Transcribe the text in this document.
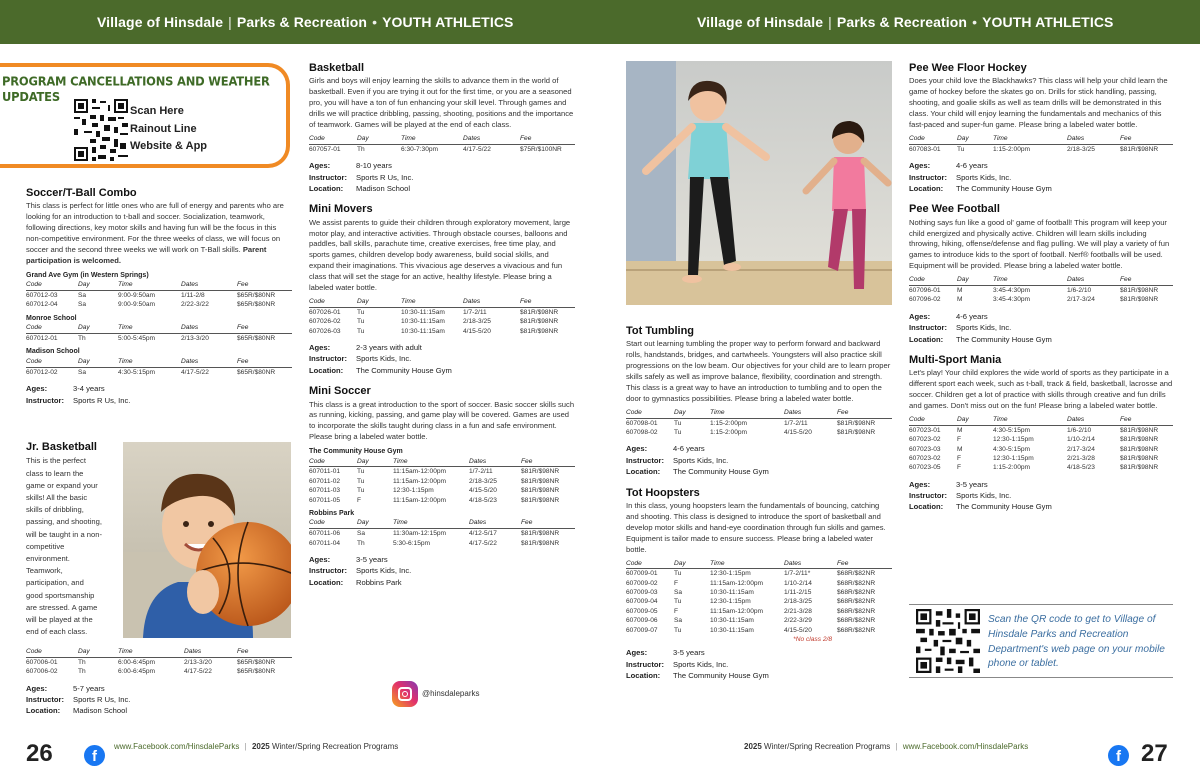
Village of Hinsdale | Parks & Recreation • YOUTH ATHLETICS	Village of Hinsdale | Parks & Recreation • YOUTH ATHLETICS
PROGRAM CANCELLATIONS AND WEATHER UPDATES
Scan Here
Rainout Line
Website & App
Soccer/T-Ball Combo

This class is perfect for little ones who are full of energy and parents who are looking for an introduction to t-ball and soccer. Socialization, teamwork, following directions, key motor skills and having fun will be the focus in this non-competitive environment. For the three weeks of class, we will focus on soccer and the second three weeks we will work on T-Ball skills. Parent participation is welcomed.

Grand Ave Gym (in Western Springs)
Code	Day	Time	Dates	Fee
607012-03	Sa	9:00-9:50am	1/11-2/8	$65R/$80NR
607012-04	Sa	9:00-9:50am	2/22-3/22	$65R/$80NR
Monroe School
Code	Day	Time	Dates	Fee
607012-01	Th	5:00-5:45pm	2/13-3/20	$65R/$80NR
Madison School
Code	Day	Time	Dates	Fee
607012-02	Sa	4:30-5:15pm	4/17-5/22	$65R/$80NR
Ages:	3-4 years
Instructor: Sports R Us, Inc.
Jr. Basketball

This is the perfect class to learn the game or expand your skills! All the basic skills of dribbling, passing, and shooting, will be taught in a non-competitive environment. Teamwork, participation, and good sportsmanship are stressed. A game will be played at the end of each class.

Code	Day	Time	Dates	Fee
607006-01	Th	6:00-6:45pm	2/13-3/20	$65R/$80NR
607006-02	Th	6:00-6:45pm	4/17-5/22	$65R/$80NR
Ages:	5-7 years
Instructor: Sports R Us, Inc.
Location: Madison School
Basketball

Girls and boys will enjoy learning the skills to advance them in the world of basketball. Even if you are trying it out for the first time, or you are a seasoned pro, you will have a ton of fun enhancing your skill level. Through games and drills we will practice dribbling, passing, shooting, positions and the importance of teamwork. Games will be played at the end of each class.

Code	Day	Time	Dates	Fee
607057-01	Th	6:30-7:30pm	4/17-5/22	$75R/$100NR
Ages:	8-10 years
Instructor: Sports R Us, Inc.
Location: Madison School
Mini Movers

We assist parents to guide their children through exploratory movement, large motor play, and interactive activities. Through obstacle courses, balloons and paddles, ball skills, parachute time, creative exercises, free time play, and sports games, children develop body awareness, build social skills, and expand their imaginations. This vivacious age deserves a vivacious and fun class that will set the stage for an active, healthy lifestyle. Please bring a labeled water bottle.

Code	Day	Time	Dates	Fee
607026-01	Tu	10:30-11:15am	1/7-2/11	$81R/$98NR
607026-02	Tu	10:30-11:15am	2/18-3/25	$81R/$98NR
607026-03	Tu	10:30-11:15am	4/15-5/20	$81R/$98NR
Ages:	2-3 years with adult
Instructor: Sports Kids, Inc.
Location: The Community House Gym
Mini Soccer

This class is a great introduction to the sport of soccer. Basic soccer skills such as running, kicking, passing, and game play will be covered. Games are used to incorporate the skills taught during class in a fun and safe environment. Please bring a labeled water bottle.

The Community House Gym
Code	Day	Time	Dates	Fee
607011-01	Tu	11:15am-12:00pm	1/7-2/11	$81R/$98NR
607011-02	Tu	11:15am-12:00pm	2/18-3/25	$81R/$98NR
607011-03	Tu	12:30-1:15pm	4/15-5/20	$81R/$98NR
607011-05	F	11:15am-12:00pm	4/18-5/23	$81R/$98NR
Robbins Park
Code	Day	Time	Dates	Fee
607011-06	Sa	11:30am-12:15pm	4/12-5/17	$81R/$98NR
607011-04	Th	5:30-6:15pm	4/17-5/22	$81R/$98NR
Ages:	3-5 years
Instructor: Sports Kids, Inc.
Location: Robbins Park
@hinsdaleparks
Tot Tumbling

Start out learning tumbling the proper way to perform forward and backward rolls, handstands, bridges, and cartwheels. Youngsters will also practice skill progressions on the low beam. Our objectives for your child are to learn proper skills safely as well as improve balance, flexibility, coordination and strength. This class is a great way to have an introduction to tumbling and to open the door to gymnastics possibilities. Please bring a labeled water bottle.

Code	Day	Time	Dates	Fee
607098-01	Tu	1:15-2:00pm	1/7-2/11	$81R/$98NR
607098-02	Tu	1:15-2:00pm	4/15-5/20	$81R/$98NR
Ages:	4-6 years
Instructor: Sports Kids, Inc.
Location: The Community House Gym
Tot Hoopsters

In this class, young hoopsters learn the fundamentals of bouncing, catching and shooting. This class is designed to introduce the sport of basketball and develop motor skills and hand-eye coordination through fun skills and games. Equipment is tailor made to ensure success. Please bring a labeled water bottle.

Code	Day	Time	Dates	Fee
607009-01	Tu	12:30-1:15pm	1/7-2/11*	$68R/$82NR
607009-02	F	11:15am-12:00pm	1/10-2/14	$68R/$82NR
607009-03	Sa	10:30-11:15am	1/11-2/15	$68R/$82NR
607009-04	Tu	12:30-1:15pm	2/18-3/25	$68R/$82NR
607009-05	F	11:15am-12:00pm	2/21-3/28	$68R/$82NR
607009-06	Sa	10:30-11:15am	2/22-3/29	$68R/$82NR
607009-07	Tu	10:30-11:15am	4/15-5/20	$68R/$82NR
*No class 2/8
Ages:	3-5 years
Instructor: Sports Kids, Inc.
Location: The Community House Gym
Pee Wee Floor Hockey

Does your child love the Blackhawks? This class will help your child learn the game of hockey before the skates go on. Drills for stick handling, passing, shooting, and goalie skills as well as team drills will be demonstrated in this class. Your child will enjoy learning the fundamentals and mechanics of this fast-paced and super-fun game. Please bring a labeled water bottle.

Code	Day	Time	Dates	Fee
607083-01	Tu	1:15-2:00pm	2/18-3/25	$81R/$98NR
Ages:	4-6 years
Instructor: Sports Kids, Inc.
Location: The Community House Gym
Pee Wee Football

Nothing says fun like a good ol' game of football! This program will keep your child energized and physically active. Children will learn skills including throwing, hiking, offense/defense and flag pulling. We will play a variety of fun games to introduce kids to the sport of football. Nerf® footballs will be used. Equipment will be provided. Please bring a labeled water bottle.

Code	Day	Time	Dates	Fee
607096-01	M	3:45-4:30pm	1/6-2/10	$81R/$98NR
607096-02	M	3:45-4:30pm	2/17-3/24	$81R/$98NR
Ages:	4-6 years
Instructor: Sports Kids, Inc.
Location: The Community House Gym
Multi-Sport Mania

Let's play! Your child explores the wide world of sports as they participate in a different sport each week, such as t-ball, track & field, basketball, lacrosse and soccer. Children get a lot of practice with skills through creative and fun drills and games. Don't miss out on the fun! Please bring a labeled water bottle.

Code	Day	Time	Dates	Fee
607023-01	M	4:30-5:15pm	1/6-2/10	$81R/$98NR
607023-02	F	12:30-1:15pm	1/10-2/14	$81R/$98NR
607023-03	M	4:30-5:15pm	2/17-3/24	$81R/$98NR
607023-02	F	12:30-1:15pm	2/21-3/28	$81R/$98NR
607023-05	F	1:15-2:00pm	4/18-5/23	$81R/$98NR
Ages:	3-5 years
Instructor: Sports Kids, Inc.
Location: The Community House Gym
Scan the QR code to get to Village of Hinsdale Parks and Recreation Department's web page on your mobile phone or tablet.
26	f
www.Facebook.com/HinsdaleParks | 2025 Winter/Spring Recreation Programs	2025 Winter/Spring Recreation Programs | www.Facebook.com/HinsdaleParks
f 27
